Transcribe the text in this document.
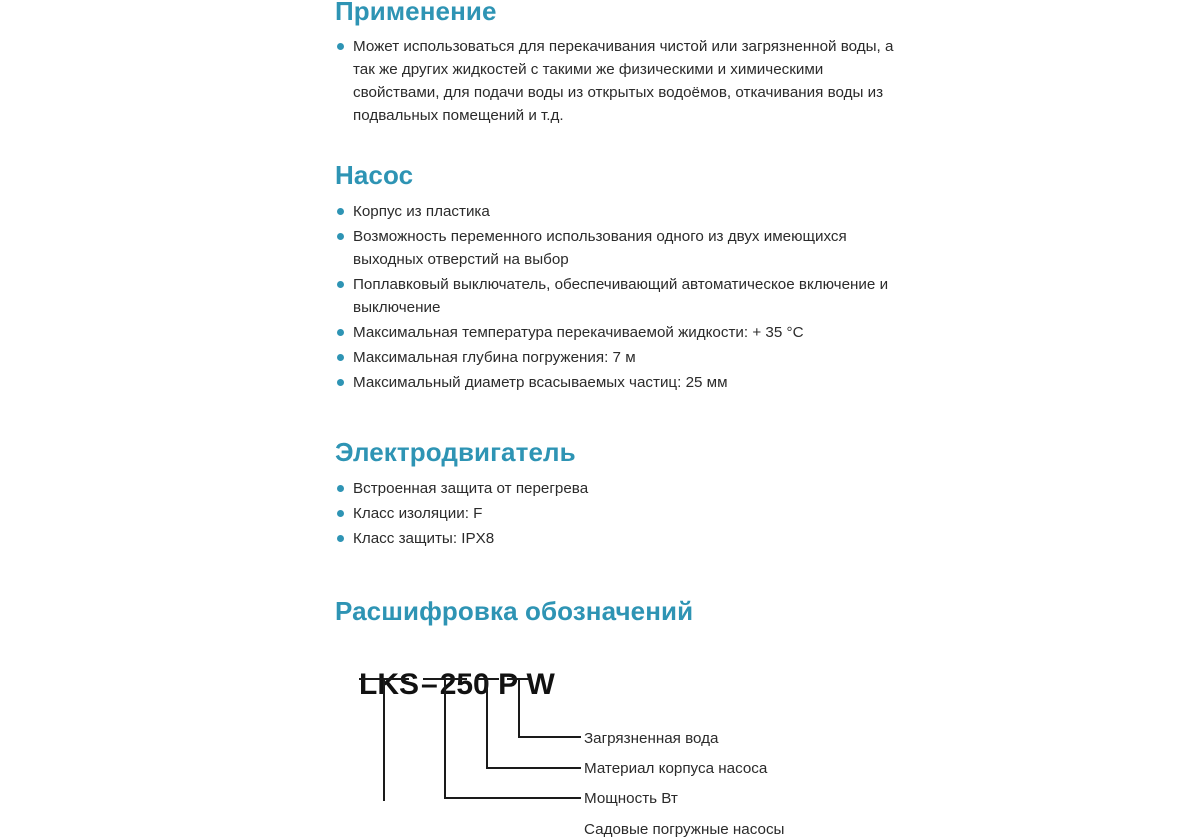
Применение
Может использоваться для перекачивания чистой или загрязненной воды, а так же других жидкостей с такими же физическими и химическими свойствами, для подачи воды из открытых водоёмов, откачивания воды из подвальных помещений и т.д.
Насос
Корпус из пластика
Возможность переменного использования одного из двух имеющихся выходных отверстий на выбор
Поплавковый выключатель, обеспечивающий автоматическое включение и выключение
Максимальная температура перекачиваемой жидкости: + 35 °C
Максимальная глубина погружения: 7 м
Максимальный диаметр всасываемых частиц: 25 мм
Электродвигатель
Встроенная защита от перегрева
Класс изоляции: F
Класс защиты: IPX8
Расшифровка обозначений
LKS–250 P W
Загрязненная вода
Материал корпуса насоса
Мощность Вт
Садовые погружные насосы
